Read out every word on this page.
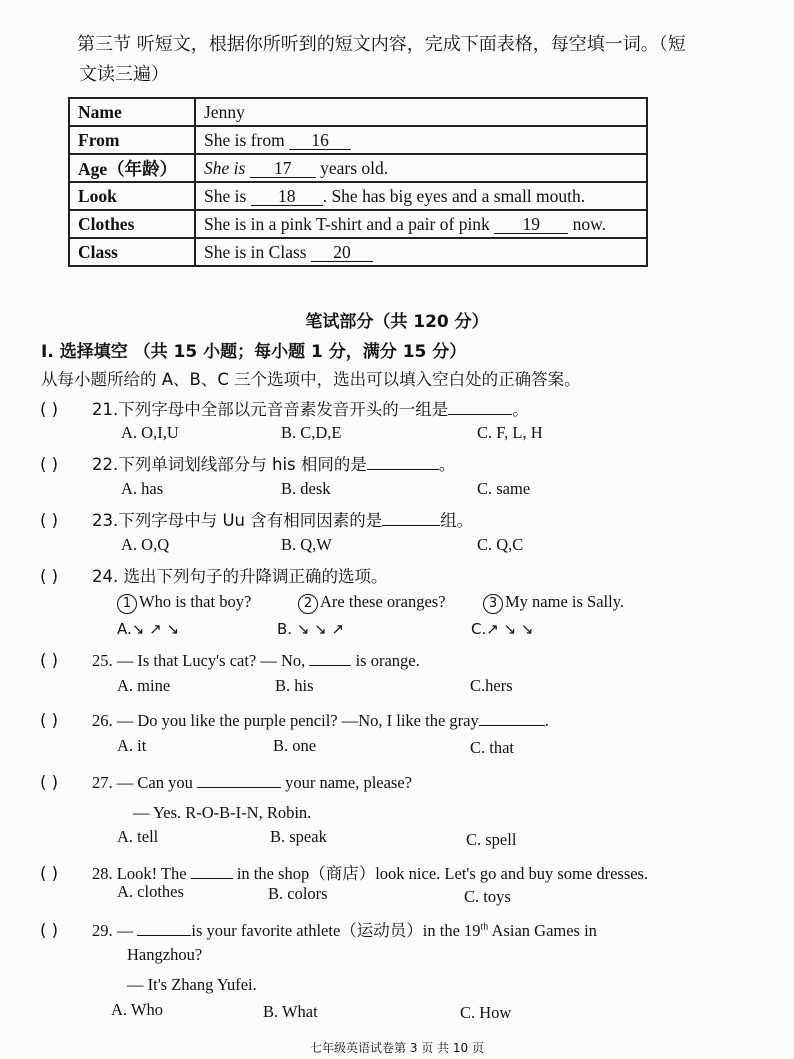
第三节 听短文，根据你所听到的短文内容，完成下面表格，每空填一词。（短
文读三遍）
Name	Jenny
From	She is from 16
Age（年龄）	She is 17 years old.
Look	She is 18 . She has big eyes and a small mouth.
Clothes	She is in a pink T-shirt and a pair of pink 19 now.
Class	She is in Class 20
笔试部分（共 120 分）
I. 选择填空 （共 15 小题；每小题 1 分，满分 15 分）
从每小题所给的 A、B、C 三个选项中，选出可以填入空白处的正确答案。
( ) 21.下列字母中全部以元音音素发音开头的一组是	。
A. O,I,U	B. C,D,E	C. F, L, H
( ) 22.下列单词划线部分与 his 相同的是	。
A. has	B. desk	C. same
( ) 23.下列字母中与 Uu 含有相同因素的是	组。
A. O,Q	B. Q,W	C. Q,C
( ) 24. 选出下列句子的升降调正确的选项。
1 Who is that boy?	2 Are these oranges?	3 My name is Sally.
A.↘ ↗ ↘	B. ↘ ↘ ↗	C.↗ ↘ ↘
( ) 25. — Is that Lucy's cat? — No,	is orange.
A. mine	B. his	C.hers
( ) 26. — Do you like the purple pencil? —No, I like the gray	.
A. it	B. one	C. that
( ) 27. — Can you	your name, please?
— Yes. R-O-B-I-N, Robin.
A. tell	B. speak	C. spell
( ) 28. Look! The	in the shop（商店）look nice. Let's go and buy some dresses.
A. clothes	B. colors	C. toys
( ) 29. —	is your favorite athlete（运动员）in the 19th Asian Games in
Hangzhou?
— It's Zhang Yufei.
A. Who	B. What	C. How
七年级英语试卷第 3 页 共 10 页
